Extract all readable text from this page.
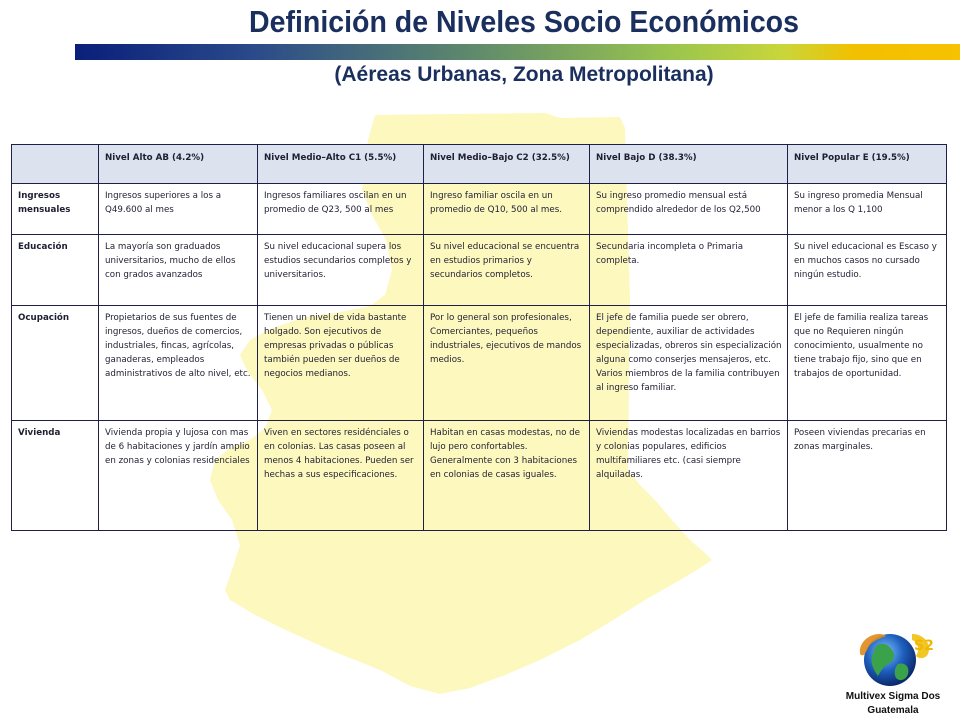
Definición de Niveles Socio Económicos
(Aéreas Urbanas, Zona Metropolitana)
	Nivel Alto AB (4.2%)	Nivel Medio–Alto C1 (5.5%)	Nivel Medio–Bajo C2 (32.5%)	Nivel Bajo D (38.3%)	Nivel Popular E (19.5%)
Ingresos mensuales	Ingresos superiores a los a Q49.600 al mes	Ingresos familiares oscilan en un promedio de Q23, 500 al mes	Ingreso familiar oscila en un promedio de Q10, 500 al mes.	Su ingreso promedio mensual está comprendido alrededor de los Q2,500	Su ingreso promedia Mensual menor a los Q 1,100
Educación	La mayoría son graduados universitarios, mucho de ellos con grados avanzados	Su nivel educacional supera los estudios secundarios completos y universitarios.	Su nivel educacional se encuentra en estudios primarios y secundarios completos.	Secundaria incompleta o Primaria completa.	Su nivel educacional es Escaso y en muchos casos no cursado ningún estudio.
Ocupación	Propietarios de sus fuentes de ingresos, dueños de comercios, industriales, fincas, agrícolas, ganaderas, empleados administrativos de alto nivel, etc.	Tienen un nivel de vida bastante holgado. Son ejecutivos de empresas privadas o públicas también pueden ser dueños de negocios medianos.	Por lo general son profesionales, Comerciantes, pequeños industriales, ejecutivos de mandos medios.	El jefe de familia puede ser obrero, dependiente, auxiliar de actividades especializadas, obreros sin especialización alguna como conserjes mensajeros, etc. Varios miembros de la familia contribuyen al ingreso familiar.	El jefe de familia realiza tareas que no Requieren ningún conocimiento, usualmente no tiene trabajo fijo, sino que en trabajos de oportunidad.
Vivienda	Vivienda propia y lujosa con mas de 6 habitaciones y jardín amplio en zonas y colonias residenciales	Viven en sectores residénciales o en colonias. Las casas poseen al menos 4 habitaciones. Pueden ser hechas a sus especificaciones.	Habitan en casas modestas, no de lujo pero confortables. Generalmente con 3 habitaciones en colonias de casas iguales.	Viviendas modestas localizadas en barrios y colonias populares, edificios multifamiliares etc. (casi siempre alquiladas.	Poseen viviendas precarias en zonas marginales.
S2
Multivex Sigma Dos
Guatemala
